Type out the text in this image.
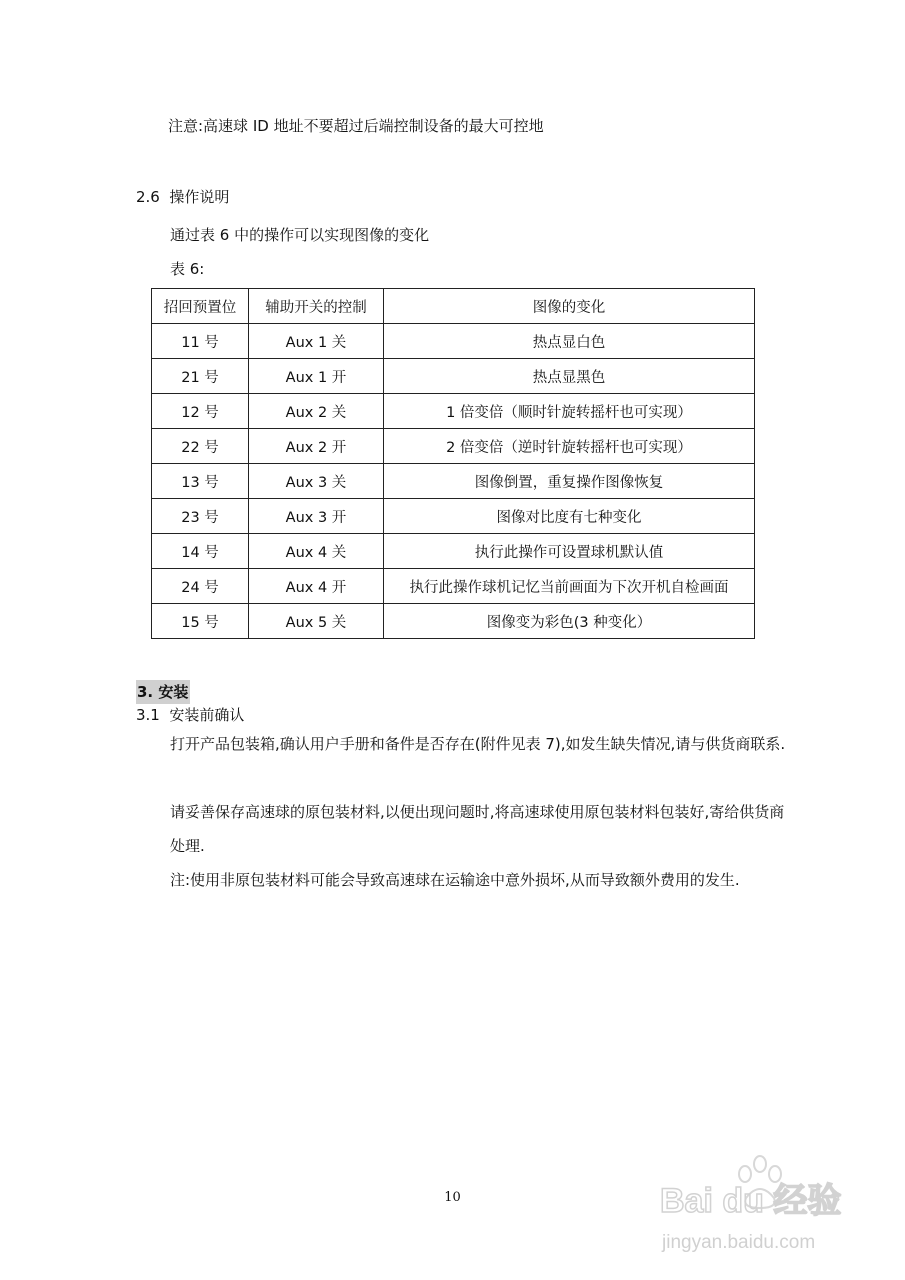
注意:高速球 ID 地址不要超过后端控制设备的最大可控地
2.6 操作说明
通过表 6 中的操作可以实现图像的变化
表 6:
招回预置位	辅助开关的控制	图像的变化
11 号	Aux 1 关	热点显白色
21 号	Aux 1 开	热点显黑色
12 号	Aux 2 关	1 倍变倍（顺时针旋转摇杆也可实现）
22 号	Aux 2 开	2 倍变倍（逆时针旋转摇杆也可实现）
13 号	Aux 3 关	图像倒置，重复操作图像恢复
23 号	Aux 3 开	图像对比度有七种变化
14 号	Aux 4 关	执行此操作可设置球机默认值
24 号	Aux 4 开	执行此操作球机记忆当前画面为下次开机自检画面
15 号	Aux 5 关	图像变为彩色(3 种变化）
3. 安装
3.1 安装前确认
打开产品包装箱,确认用户手册和备件是否存在(附件见表 7),如发生缺失情况,请与供货商联系.
请妥善保存高速球的原包装材料,以便出现问题时,将高速球使用原包装材料包装好,寄给供货商处理.
注:使用非原包装材料可能会导致高速球在运输途中意外损坏,从而导致额外费用的发生.
10	Bai du 经验
jingyan.baidu.com
